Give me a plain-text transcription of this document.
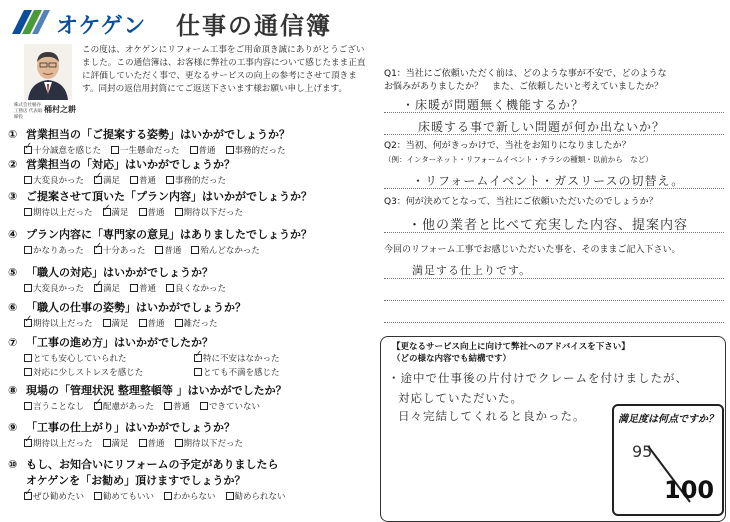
オケゲン 仕事の通信簿
株式会社桶谷工務店 代表取締役
桶村之耕
この度は、オケゲンにリフォーム工事をご用命頂き誠にありがとうございました。この通信簿は、お客様に弊社の工事内容について感じたまま正直に評価していただく事で、更なるサービスの向上の参考にさせて頂きます。同封の返信用封筒にてご返送下さいます様お願い申し上げます。
① 営業担当の「ご提案する姿勢」はいかがでしょうか？
✓十分誠意を感じた 一生懸命だった 普通 事務的だった
② 営業担当の「対応」はいかがでしょうか？
大変良かった ✓ 満足 普通 事務的だった
③ ご提案させて頂いた「プラン内容」はいかがでしょうか？
期待以上だった ✓ 満足 普通 期待以下だった
④ プラン内容に「専門家の意見」はありましたでしょうか？
かなりあった ✓ 十分あった 普通 殆んどなかった
⑤ 「職人の対応」はいかがでしょうか？
大変良かった ✓ 満足 普通 良くなかった
⑥ 「職人の仕事の姿勢」はいかがでしょうか？
✓期待以上だった 満足 普通 雑だった
⑦ 「工事の進め方」はいかがでしたか？
とても安心していられた ✓	特に不安はなかった
対応に少しストレスを感じた	とても不満を感じた
⑧ 現場の「管理状況 整理整頓等 」はいかがでしたか？
言うことなし ✓ 配慮があった 普通 できていない
⑨ 「工事の仕上がり」はいかがでしょうか？
✓期待以上だった 満足 普通 期待以下だった
⑩ もし、お知合いにリフォームの予定がありましたら
オケゲンを「お勧め」頂けますでしょうか？
✓ぜひ勧めたい 勧めてもいい わからない 勧められない
Q1：当社にご依頼いただく前は、どのような事が不安で、どのような
お悩みがありましたか？　また、ご依頼したいと考えていましたか？
・床暖が問題無く機能するか？
床暖する事で新しい問題が何か出ないか？
Q2：当初、何がきっかけで、当社をお知りになりましたか？
（例：インターネット・リフォームイベント・チラシの種類・以前から　など）
・リフォームイベント・ガスリースの切替え。
Q3：何が決めてとなって、当社にご依頼いただいたのでしょうか？
・他の業者と比べて充実した内容、提案内容
今回のリフォーム工事でお感じいただいた事を、そのままご記入下さい。
満足する仕上りです。
【更なるサービス向上に向けて弊社へのアドバイスを下さい】
（どの様な内容でも結構です）
・途中で仕事後の片付けでクレームを付けましたが、
対応していただいた。
日々完結してくれると良かった。	満足度は何点ですか？
95
100
